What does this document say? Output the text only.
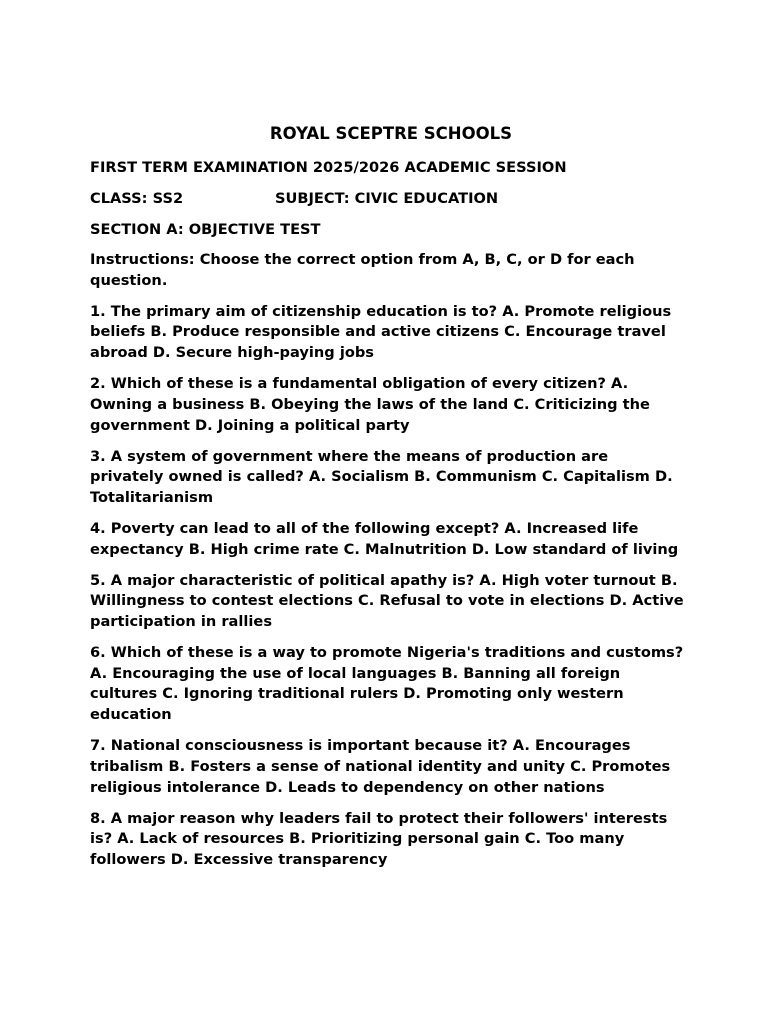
ROYAL SCEPTRE SCHOOLS
FIRST TERM EXAMINATION 2025/2026 ACADEMIC SESSION
CLASS: SS2	SUBJECT: CIVIC EDUCATION
SECTION A: OBJECTIVE TEST
Instructions: Choose the correct option from A, B, C, or D for each question.
1. The primary aim of citizenship education is to? A. Promote religious beliefs B. Produce responsible and active citizens C. Encourage travel abroad D. Secure high-paying jobs
2. Which of these is a fundamental obligation of every citizen? A. Owning a business B. Obeying the laws of the land C. Criticizing the government D. Joining a political party
3. A system of government where the means of production are privately owned is called? A. Socialism B. Communism C. Capitalism D. Totalitarianism
4. Poverty can lead to all of the following except? A. Increased life expectancy B. High crime rate C. Malnutrition D. Low standard of living
5. A major characteristic of political apathy is? A. High voter turnout B. Willingness to contest elections C. Refusal to vote in elections D. Active participation in rallies
6. Which of these is a way to promote Nigeria's traditions and customs? A. Encouraging the use of local languages B. Banning all foreign cultures C. Ignoring traditional rulers D. Promoting only western education
7. National consciousness is important because it? A. Encourages tribalism B. Fosters a sense of national identity and unity C. Promotes religious intolerance D. Leads to dependency on other nations
8. A major reason why leaders fail to protect their followers' interests is? A. Lack of resources B. Prioritizing personal gain C. Too many followers D. Excessive transparency
